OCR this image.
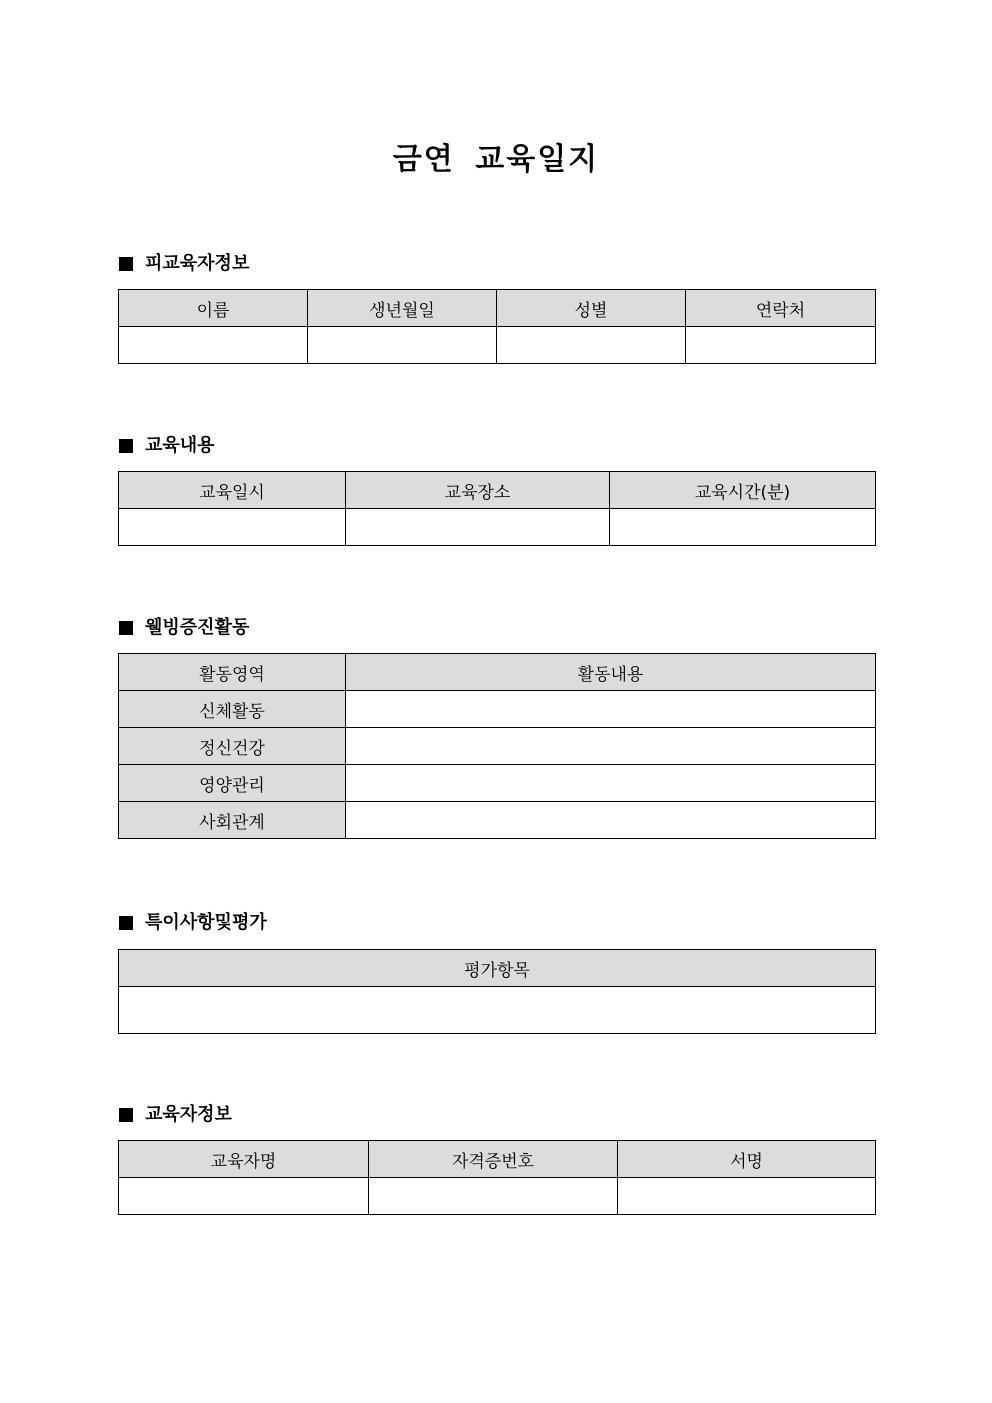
금연 교육일지
피교육자정보
이름	생년월일	성별	연락처

교육내용
교육일시	교육장소	교육시간(분)

웰빙증진활동
활동영역	활동내용
신체활동	
정신건강	
영양관리	
사회관계	
특이사항및평가
평가항목

교육자정보
교육자명	자격증번호	서명
